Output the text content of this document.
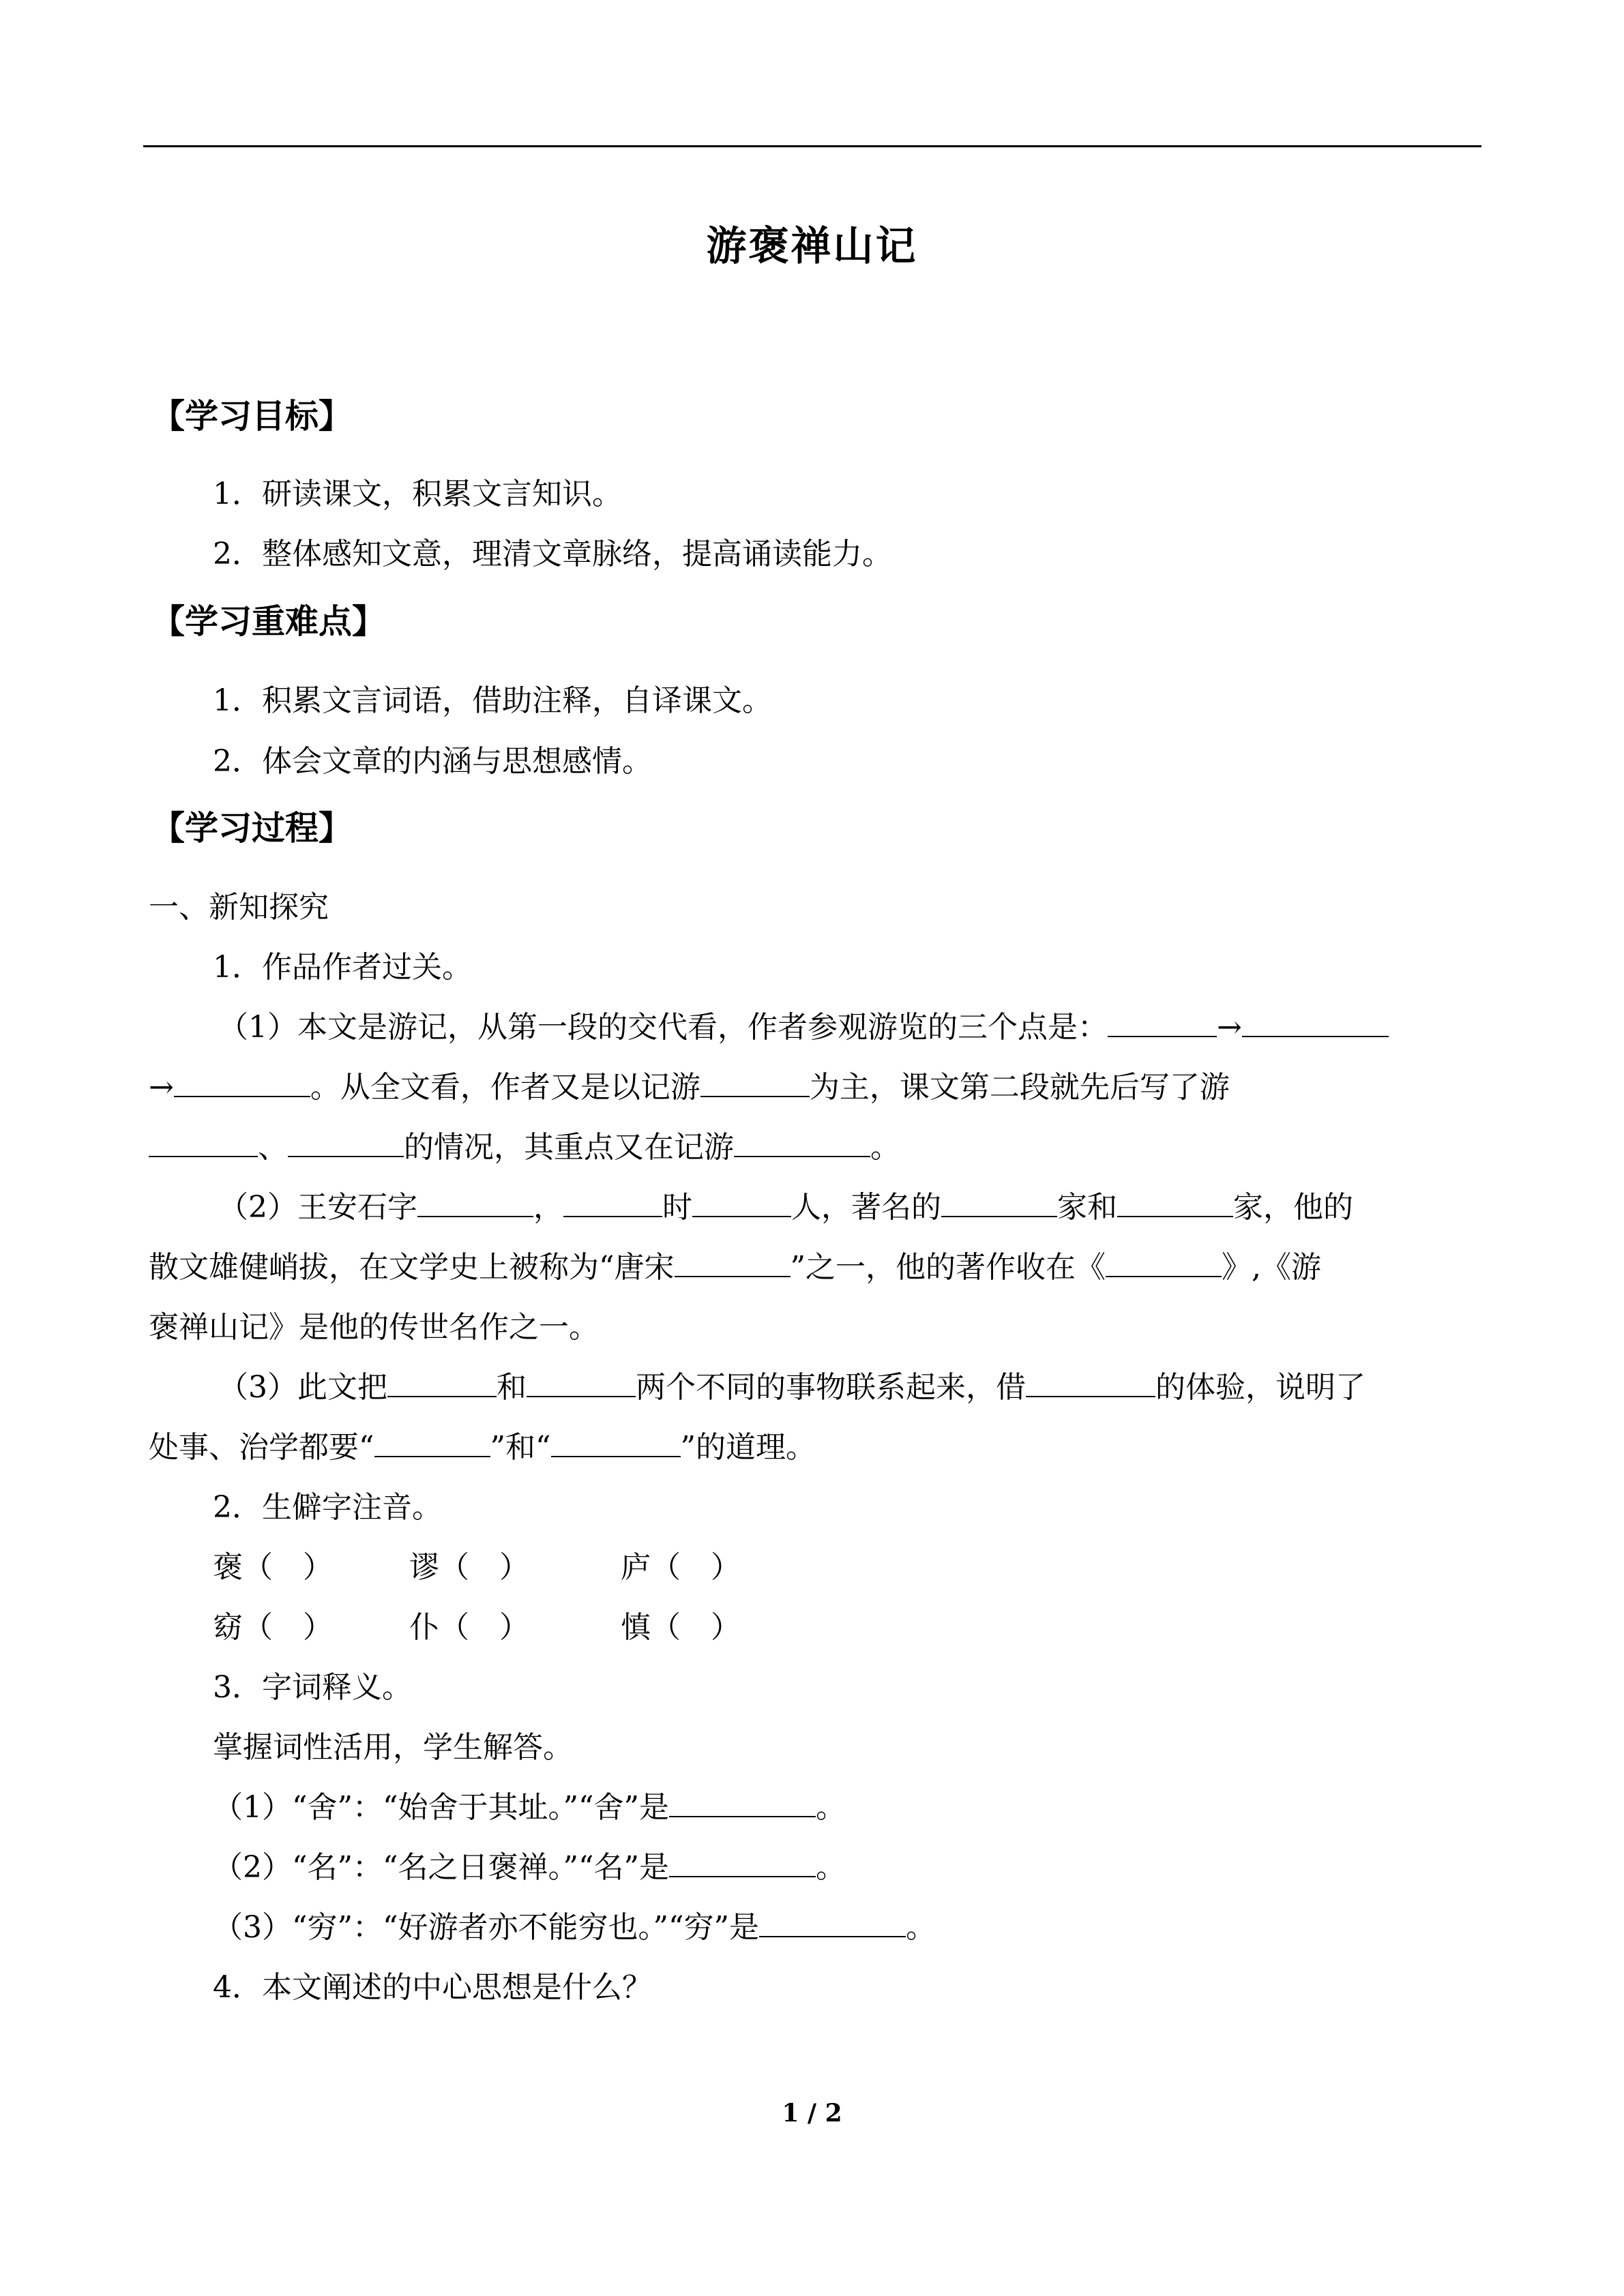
游褒禅山记
【学习目标】
1．研读课文，积累文言知识。
2．整体感知文意，理清文章脉络，提高诵读能力。
【学习重难点】
1．积累文言词语，借助注释，自译课文。
2．体会文章的内涵与思想感情。
【学习过程】
一、新知探究
1．作品作者过关。
（1）本文是游记，从第一段的交代看，作者参观游览的三个点是：	→
→	。从全文看，作者又是以记游	为主，课文第二段就先后写了游
、	的情况，其重点又在记游	。
（2）王安石字	，	时	人，著名的	家和	家，他的
散文雄健峭拔，在文学史上被称为“唐宋	”之一，他的著作收在《	》,《游
褒禅山记》是他的传世名作之一。
（3）此文把	和	两个不同的事物联系起来，借	的体验，说明了
处事、治学都要“	”和“	”的道理。
2．生僻字注音。
褒（　）	谬（　）	庐（　）
窈（　）	仆（　）	慎（　）
3．字词释义。
掌握词性活用，学生解答。
（1）“舍”：“始舍于其址。”“舍”是	。
（2）“名”：“名之日褒禅。”“名”是	。
（3）“穷”：“好游者亦不能穷也。”“穷”是	。
4．本文阐述的中心思想是什么？
1 / 2
